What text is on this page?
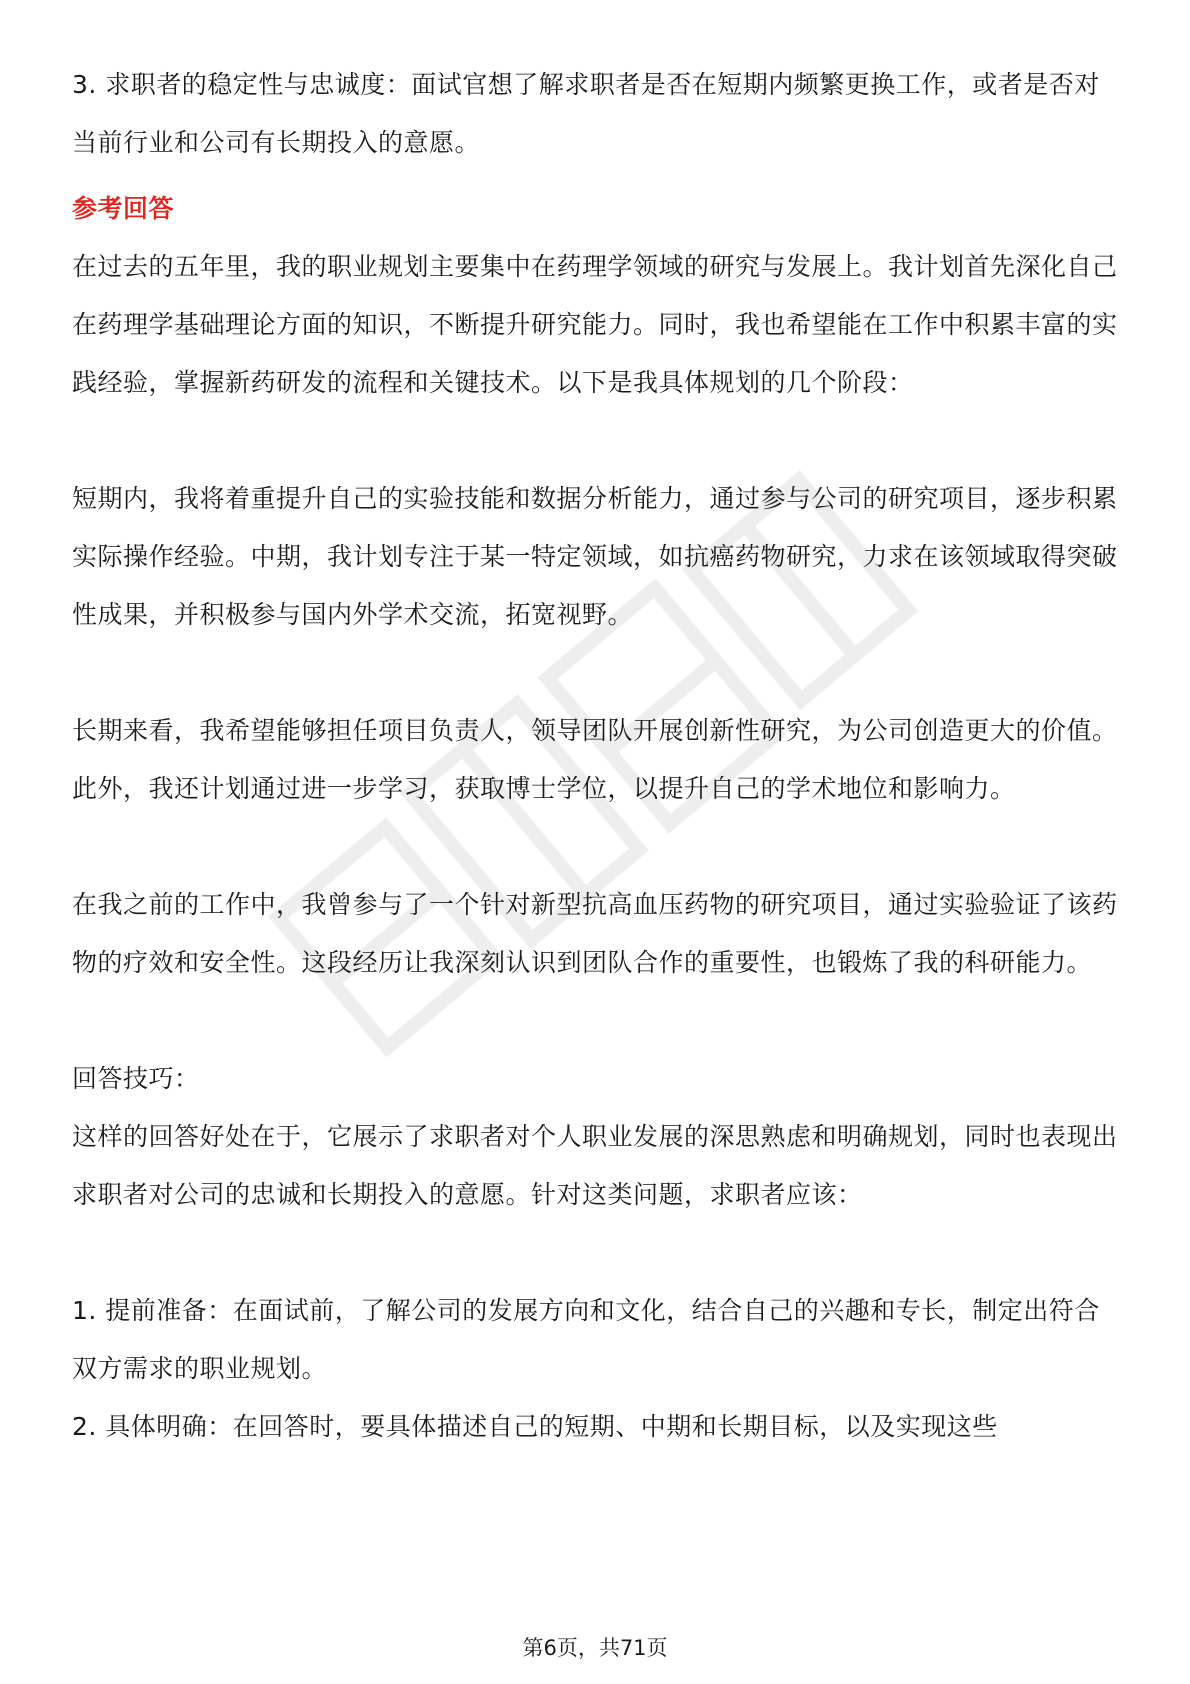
3. 求职者的稳定性与忠诚度：面试官想了解求职者是否在短期内频繁更换工作，或者是否对当前行业和公司有长期投入的意愿。

参考回答

在过去的五年里，我的职业规划主要集中在药理学领域的研究与发展上。我计划首先深化自己在药理学基础理论方面的知识，不断提升研究能力。同时，我也希望能在工作中积累丰富的实践经验，掌握新药研发的流程和关键技术。以下是我具体规划的几个阶段：

短期内，我将着重提升自己的实验技能和数据分析能力，通过参与公司的研究项目，逐步积累实际操作经验。中期，我计划专注于某一特定领域，如抗癌药物研究，力求在该领域取得突破性成果，并积极参与国内外学术交流，拓宽视野。

长期来看，我希望能够担任项目负责人，领导团队开展创新性研究，为公司创造更大的价值。此外，我还计划通过进一步学习，获取博士学位，以提升自己的学术地位和影响力。

在我之前的工作中，我曾参与了一个针对新型抗高血压药物的研究项目，通过实验验证了该药物的疗效和安全性。这段经历让我深刻认识到团队合作的重要性，也锻炼了我的科研能力。

回答技巧：

这样的回答好处在于，它展示了求职者对个人职业发展的深思熟虑和明确规划，同时也表现出求职者对公司的忠诚和长期投入的意愿。针对这类问题，求职者应该：

1. 提前准备：在面试前，了解公司的发展方向和文化，结合自己的兴趣和专长，制定出符合双方需求的职业规划。

2. 具体明确：在回答时，要具体描述自己的短期、中期和长期目标，以及实现这些

第6页，共71页
